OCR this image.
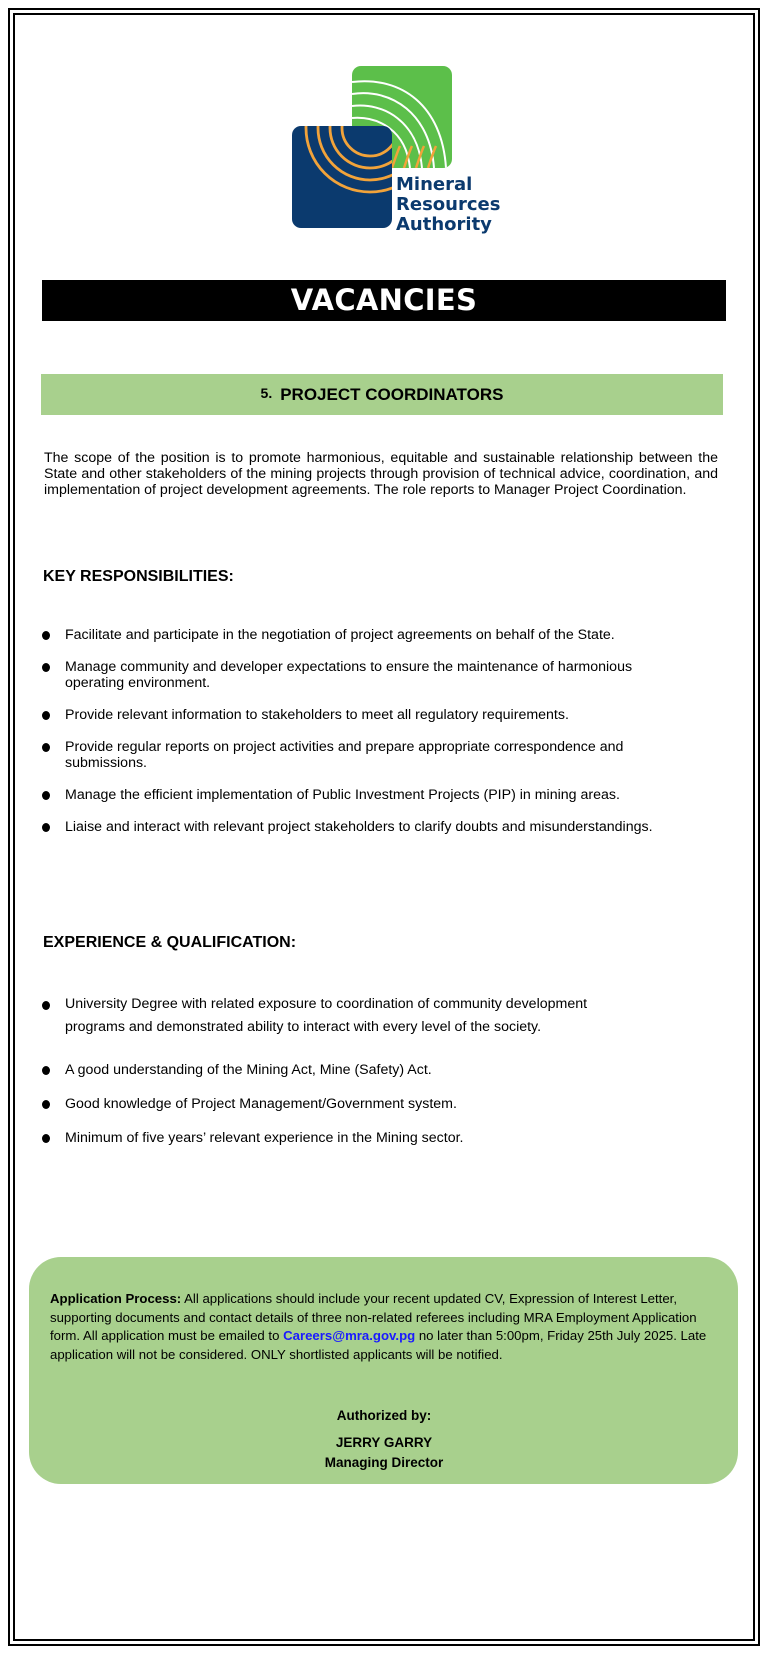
Mineral
Resources
Authority
VACANCIES
5. PROJECT COORDINATORS

The scope of the position is to promote harmonious, equitable and sustainable relationship between the State and other stakeholders of the mining projects through provision of technical advice, coordination, and implementation of project development agreements. The role reports to Manager Project Coordination.

KEY RESPONSIBILITIES:
Facilitate and participate in the negotiation of project agreements on behalf of the State.
Manage community and developer expectations to ensure the maintenance of harmonious operating environment.
Provide relevant information to stakeholders to meet all regulatory requirements.
Provide regular reports on project activities and prepare appropriate correspondence and submissions.
Manage the efficient implementation of Public Investment Projects (PIP) in mining areas.
Liaise and interact with relevant project stakeholders to clarify doubts and misunderstandings.
EXPERIENCE & QUALIFICATION:
University Degree with related exposure to coordination of community development programs and demonstrated ability to interact with every level of the society.
A good understanding of the Mining Act, Mine (Safety) Act.
Good knowledge of Project Management/Government system.
Minimum of five years’ relevant experience in the Mining sector.

Application Process: All applications should include your recent updated CV, Expression of Interest Letter, supporting documents and contact details of three non-related referees including MRA Employment Application form. All application must be emailed to Careers@mra.gov.pg no later than 5:00pm, Friday 25th July 2025. Late application will not be considered. ONLY shortlisted applicants will be notified.

Authorized by:
JERRY GARRY
Managing Director
